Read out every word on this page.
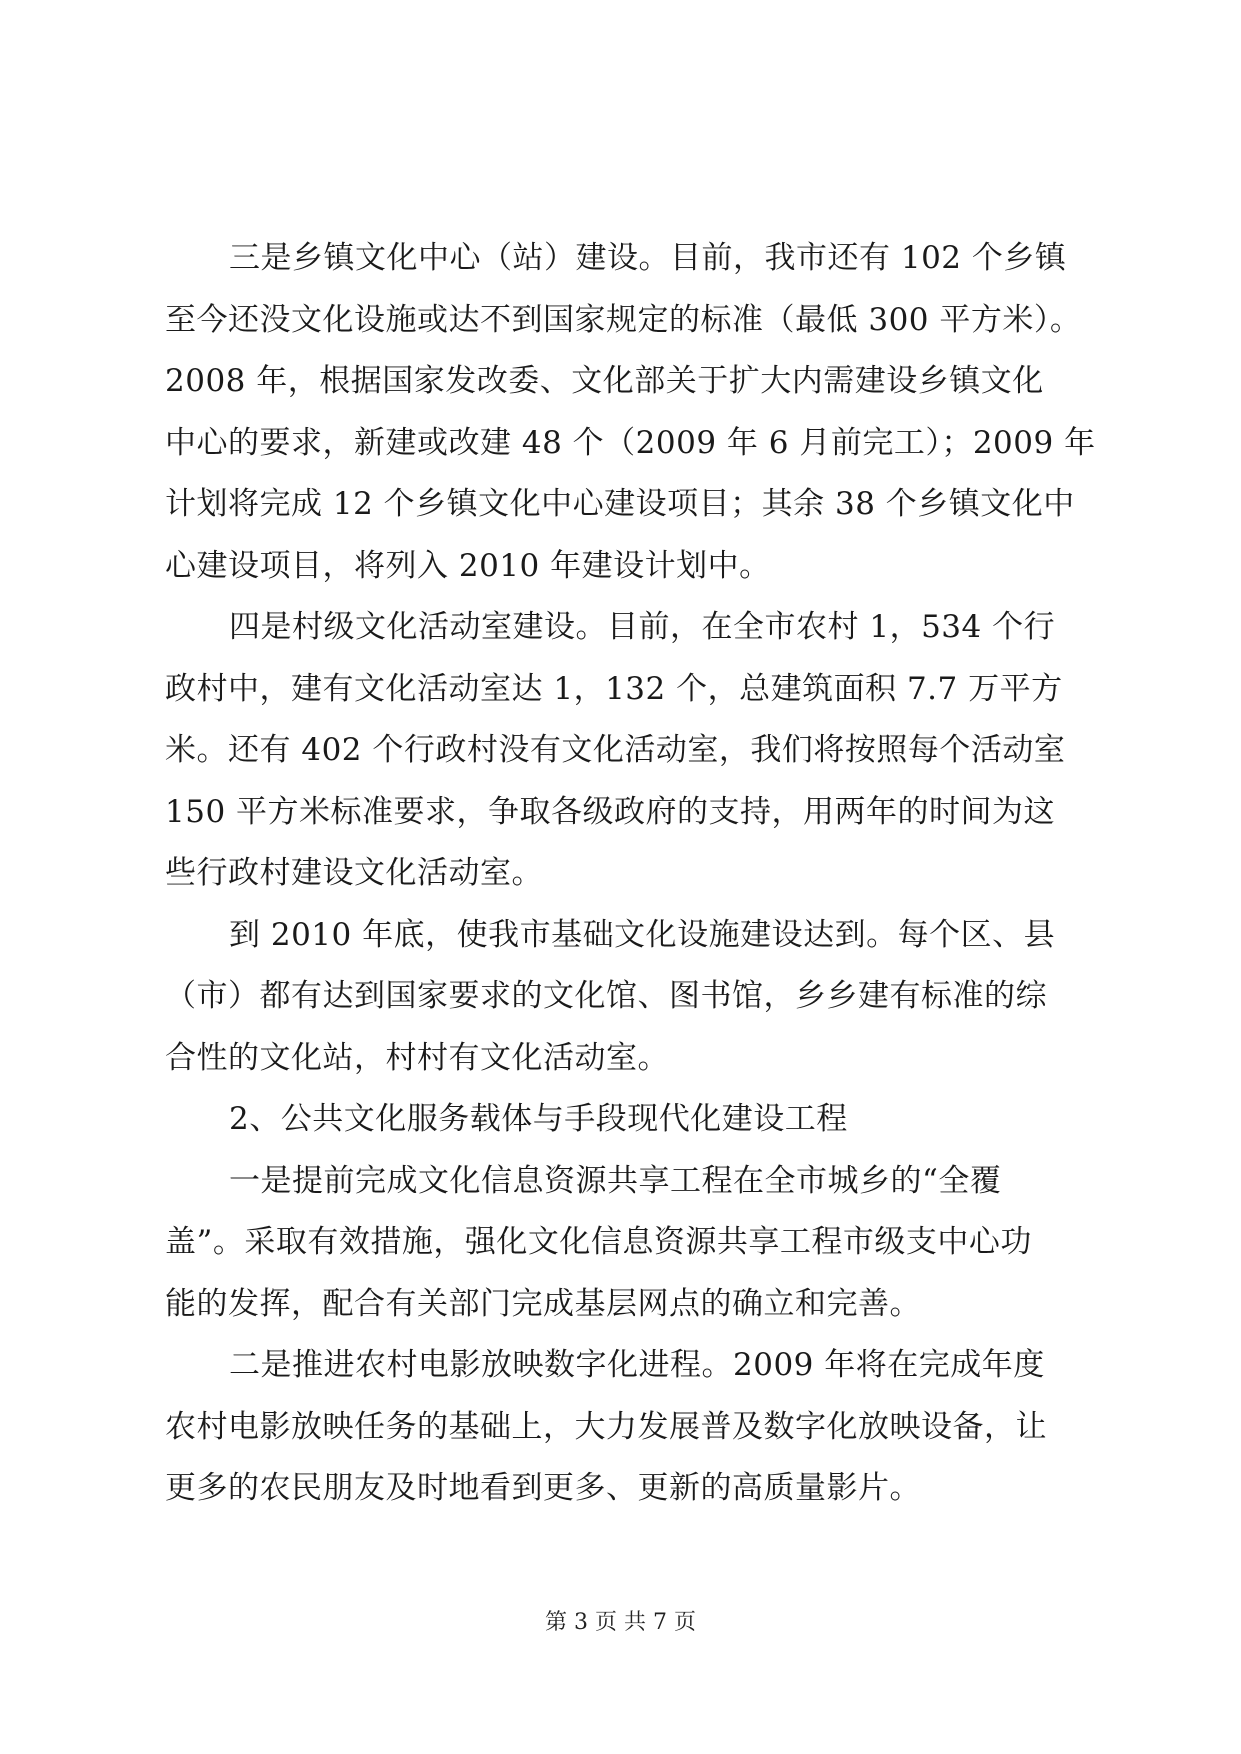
三是乡镇文化中心（站）建设。目前，我市还有 102 个乡镇
至今还没文化设施或达不到国家规定的标准（最低 300 平方米）。
2008 年，根据国家发改委、文化部关于扩大内需建设乡镇文化
中心的要求，新建或改建 48 个（2009 年 6 月前完工）；2009 年
计划将完成 12 个乡镇文化中心建设项目；其余 38 个乡镇文化中
心建设项目，将列入 2010 年建设计划中。

四是村级文化活动室建设。目前，在全市农村 1，534 个行
政村中，建有文化活动室达 1，132 个，总建筑面积 7.7 万平方
米。还有 402 个行政村没有文化活动室，我们将按照每个活动室
150 平方米标准要求，争取各级政府的支持，用两年的时间为这
些行政村建设文化活动室。

到 2010 年底，使我市基础文化设施建设达到。每个区、县
（市）都有达到国家要求的文化馆、图书馆，乡乡建有标准的综
合性的文化站，村村有文化活动室。

2、公共文化服务载体与手段现代化建设工程

一是提前完成文化信息资源共享工程在全市城乡的“全覆
盖”。采取有效措施，强化文化信息资源共享工程市级支中心功
能的发挥，配合有关部门完成基层网点的确立和完善。

二是推进农村电影放映数字化进程。2009 年将在完成年度
农村电影放映任务的基础上，大力发展普及数字化放映设备，让
更多的农民朋友及时地看到更多、更新的高质量影片。

第 3 页 共 7 页
